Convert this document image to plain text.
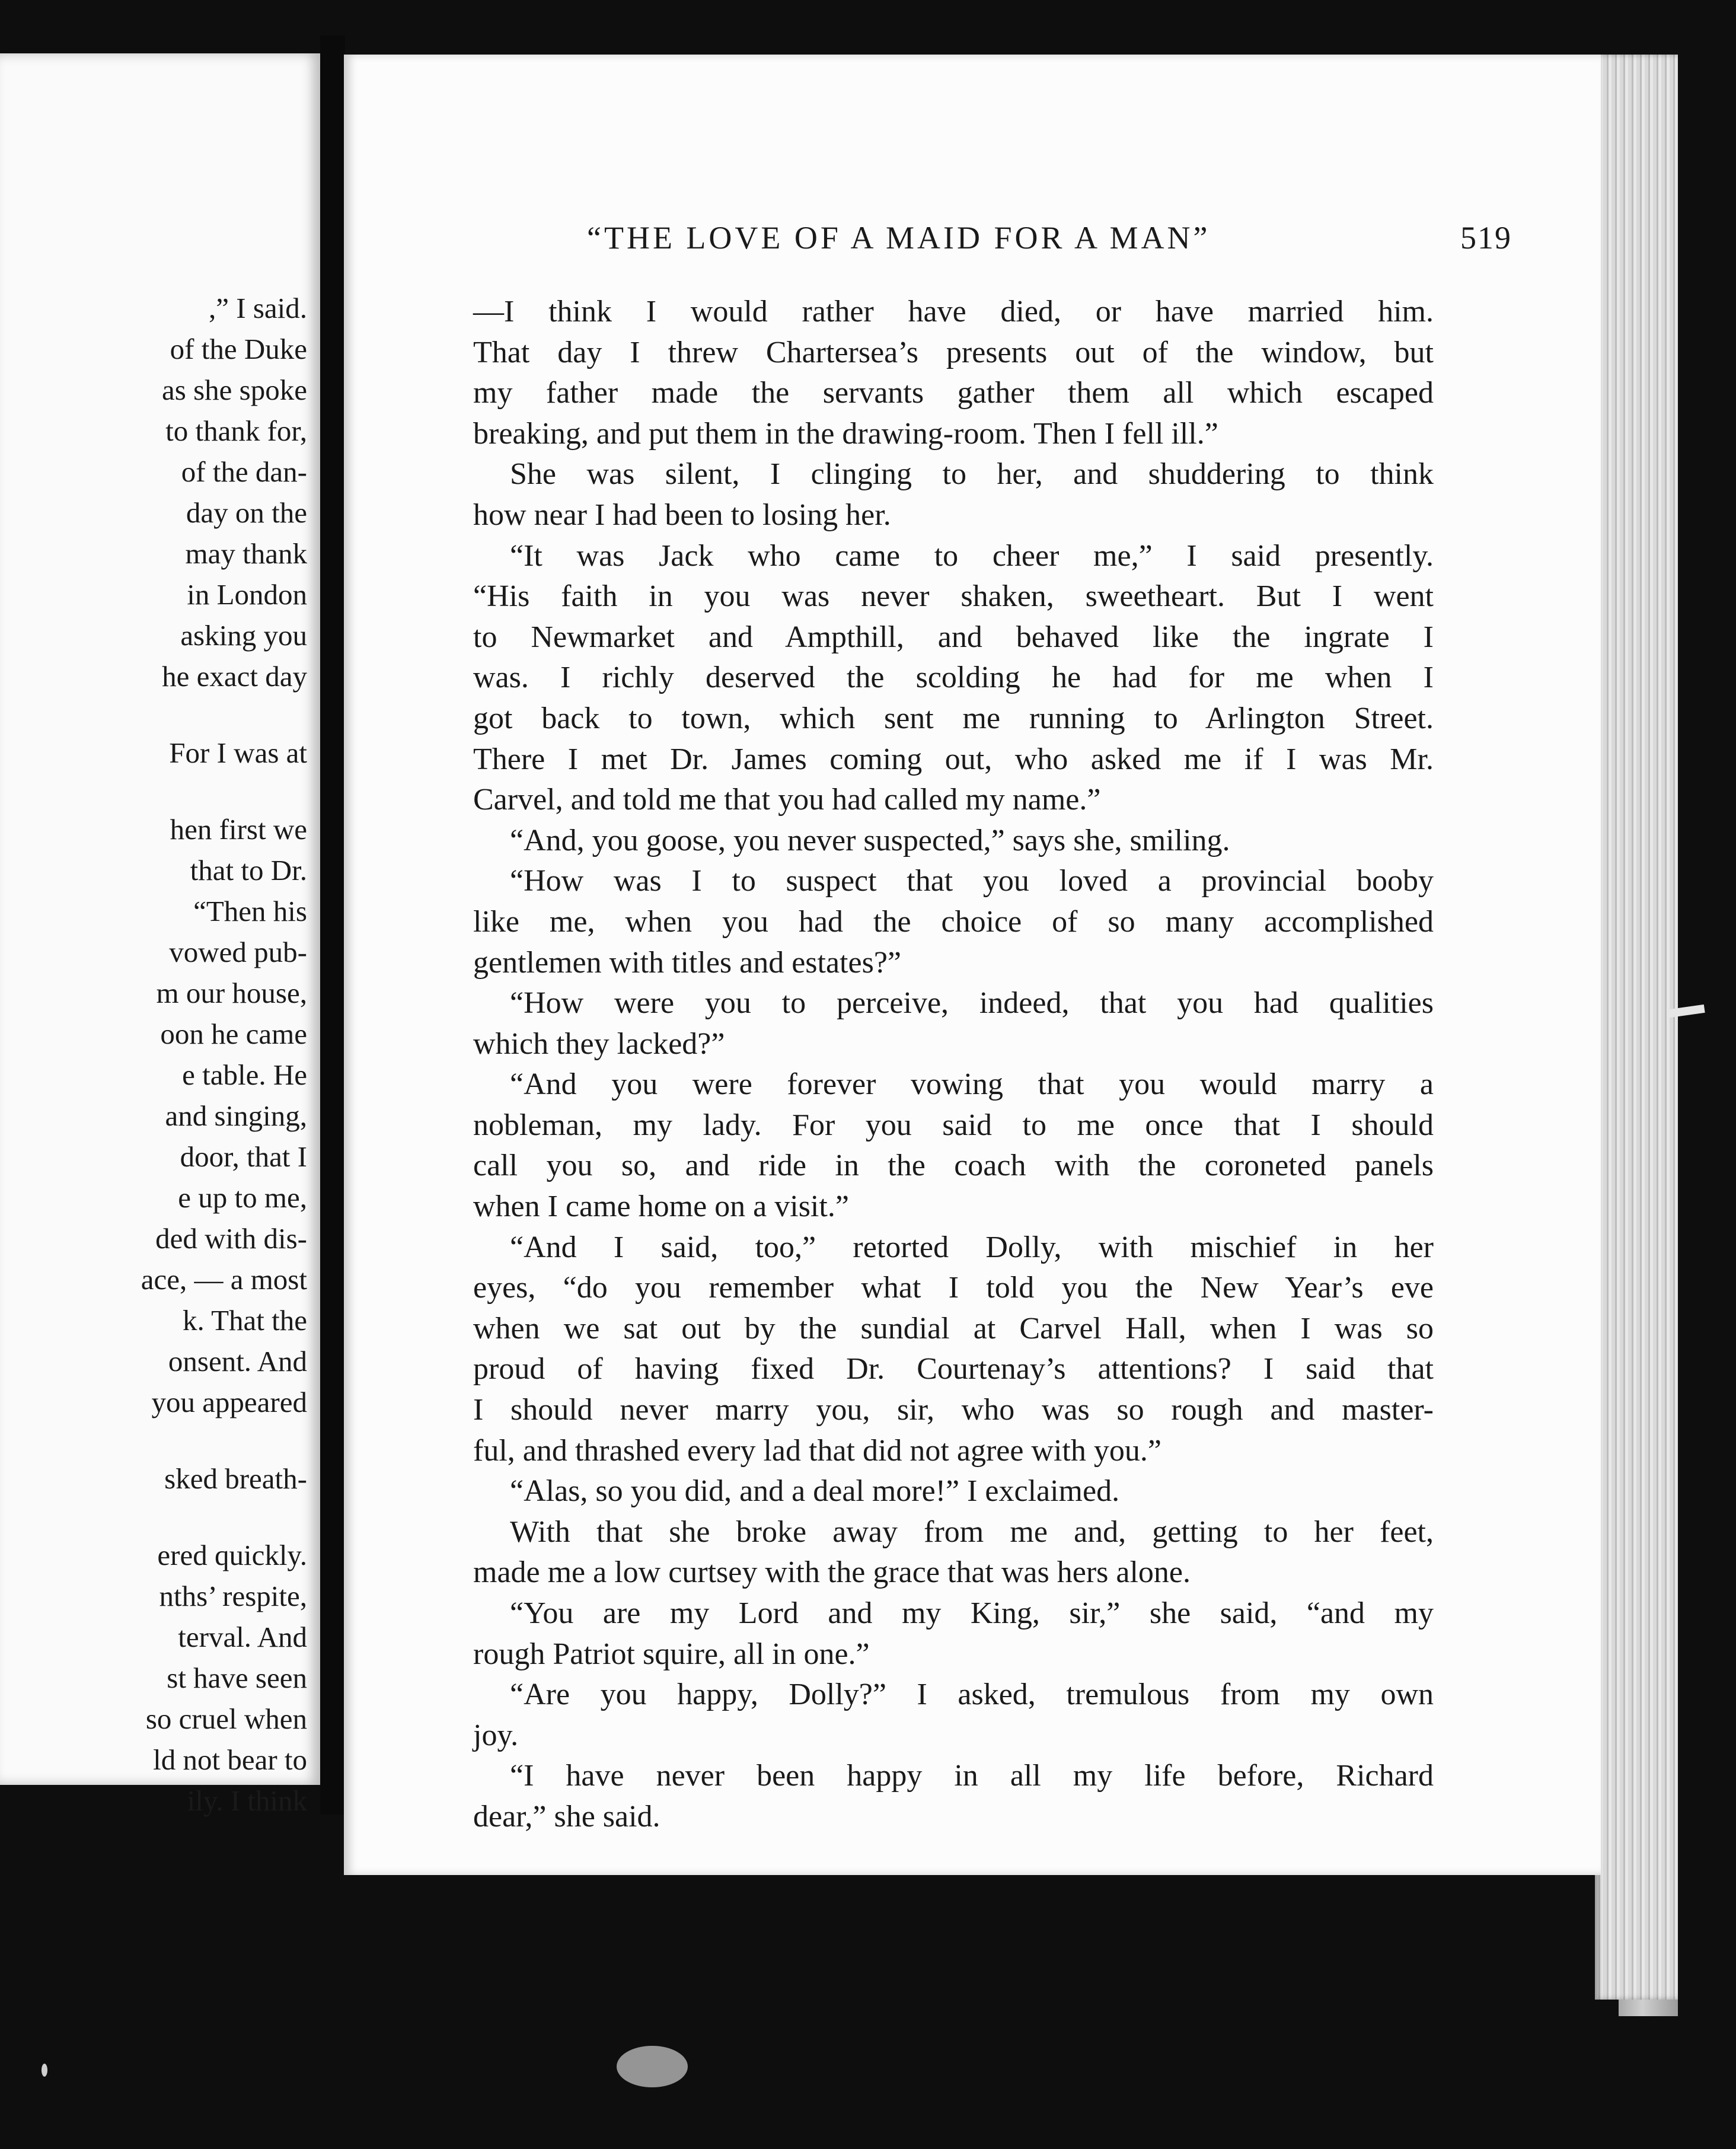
,” I said.
of the Duke
as she spoke
to thank for,
of the dan-
day on the
may thank
in London
asking you
he exact day
For I was at
hen first we
that to Dr.
“Then his
vowed pub-
m our house,
oon he came
e table. He
and singing,
door, that I
e up to me,
ded with dis-
ace, — a most
k. That the
onsent. And
you appeared
sked breath-
ered quickly.
nths’ respite,
terval. And
st have seen
so cruel when
ld not bear to
ily. I think
“THE LOVE OF A MAID FOR A MAN”	519
—I think I would rather have died, or have married him.
That day I threw Chartersea’s presents out of the window, but
my father made the servants gather them all which escaped
breaking, and put them in the drawing-room. Then I fell ill.”
She was silent, I clinging to her, and shuddering to think
how near I had been to losing her.
“It was Jack who came to cheer me,” I said presently.
“His faith in you was never shaken, sweetheart. But I went
to Newmarket and Ampthill, and behaved like the ingrate I
was. I richly deserved the scolding he had for me when I
got back to town, which sent me running to Arlington Street.
There I met Dr. James coming out, who asked me if I was Mr.
Carvel, and told me that you had called my name.”
“And, you goose, you never suspected,” says she, smiling.
“How was I to suspect that you loved a provincial booby
like me, when you had the choice of so many accomplished
gentlemen with titles and estates?”
“How were you to perceive, indeed, that you had qualities
which they lacked?”
“And you were forever vowing that you would marry a
nobleman, my lady. For you said to me once that I should
call you so, and ride in the coach with the coroneted panels
when I came home on a visit.”
“And I said, too,” retorted Dolly, with mischief in her
eyes, “do you remember what I told you the New Year’s eve
when we sat out by the sundial at Carvel Hall, when I was so
proud of having fixed Dr. Courtenay’s attentions? I said that
I should never marry you, sir, who was so rough and master-
ful, and thrashed every lad that did not agree with you.”
“Alas, so you did, and a deal more!” I exclaimed.
With that she broke away from me and, getting to her feet,
made me a low curtsey with the grace that was hers alone.
“You are my Lord and my King, sir,” she said, “and my
rough Patriot squire, all in one.”
“Are you happy, Dolly?” I asked, tremulous from my own
joy.
“I have never been happy in all my life before, Richard
dear,” she said.
